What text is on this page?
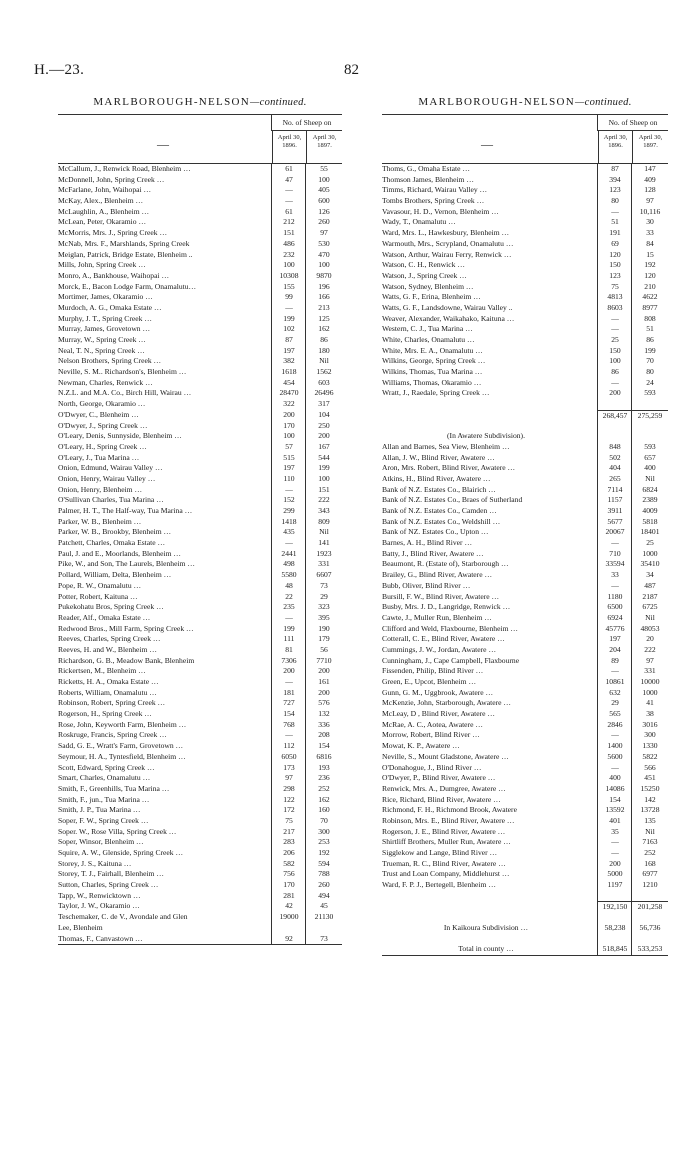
H.—23.	82
MARLBOROUGH-NELSON—continued.
—
No. of Sheep on
April 30, 1896.
April 30, 1897.
McCallum, J., Renwick Road, Blenheim …	61	55
McDonnell, John, Spring Creek …	47	100
McFarlane, John, Waihopai …	—	405
McKay, Alex., Blenheim …	—	600
McLaughlin, A., Blenheim …	61	126
McLean, Peter, Okaramio …	212	260
McMorris, Mrs. J., Spring Creek …	151	97
McNab, Mrs. F., Marshlands, Spring Creek	486	530
Meiglan, Patrick, Bridge Estate, Blenheim ..	232	470
Mills, John, Spring Creek …	100	100
Monro, A., Bankhouse, Waihopai …	10308	9870
Morck, E., Bacon Lodge Farm, Onamalutu…	155	196
Mortimer, James, Okaramio …	99	166
Murdoch, A. G., Omaka Estate …	—	213
Murphy, J. T., Spring Creek …	199	125
Murray, James, Grovetown …	102	162
Murray, W., Spring Creek …	87	86
Neal, T. N., Spring Creek …	197	180
Nelson Brothers, Spring Creek …	382	Nil
Neville, S. M.. Richardson's, Blenheim …	1618	1562
Newman, Charles, Renwick …	454	603
N.Z.L. and M.A. Co., Birch Hill, Wairau …	28470	26496
North, George, Okaramio …	322	317
O'Dwyer, C., Blenheim …	200	104
O'Dwyer, J., Spring Creek …	170	250
O'Leary, Denis, Sunnyside, Blenheim …	100	200
O'Leary, H., Spring Creek …	57	167
O'Leary, J., Tua Marina …	515	544
Onion, Edmund, Wairau Valley …	197	199
Onion, Henry, Wairau Valley …	110	100
Onion, Henry, Blenheim …	—	151
O'Sullivan Charles, Tua Marina …	152	222
Palmer, H. T., The Half-way, Tua Marina …	299	343
Parker, W. B., Blenheim …	1418	809
Parker, W. B., Brookby, Blenheim …	435	Nil
Patchett, Charles, Omaka Estate …	—	141
Paul, J. and E., Moorlands, Blenheim …	2441	1923
Pike, W., and Son, The Laurels, Blenheim …	498	331
Pollard, William, Delta, Blenheim …	5580	6607
Pope, R. W., Onamalutu …	48	73
Potter, Robert, Kaituna …	22	29
Pukekohatu Bros, Spring Creek …	235	323
Reader, Alf., Omaka Estate …	—	395
Redwood Bros., Mill Farm, Spring Creek …	199	190
Reeves, Charles, Spring Creek …	111	179
Reeves, H. and W., Blenheim …	81	56
Richardson, G. B., Meadow Bank, Blenheim	7306	7710
Rickertsen, M., Blenheim …	200	200
Ricketts, H. A., Omaka Estate …	—	161
Roberts, William, Onamalutu …	181	200
Robinson, Robert, Spring Creek …	727	576
Rogerson, H., Spring Creek …	154	132
Rose, John, Keyworth Farm, Blenheim …	768	336
Roskruge, Francis, Spring Creek …	—	208
Sadd, G. E., Wratt's Farm, Grovetown …	112	154
Seymour, H. A., Tyntesfield, Blenheim …	6050	6816
Scott, Edward, Spring Creek …	173	193
Smart, Charles, Onamalutu …	97	236
Smith, F., Greenhills, Tua Marina …	298	252
Smith, F., jun., Tua Marina …	122	162
Smith, J. P., Tua Marina …	172	160
Soper, F. W., Spring Creek …	75	70
Soper. W., Rose Villa, Spring Creek …	217	300
Soper, Winsor, Blenheim …	283	253
Squire, A. W., Glenside, Spring Creek …	206	192
Storey, J. S., Kaituna …	582	594
Storey, T. J., Fairhall, Blenheim …	756	788
Sutton, Charles, Spring Creek …	170	260
Tapp, W., Renwicktown …	281	494
Taylor, J. W., Okaramio …	42	45
Teschemaker, C. de V., Avondale and Glen	19000	21130
Lee, Blenheim
Thomas, F., Canvastown …	92	73
MARLBOROUGH-NELSON—continued.
—
No. of Sheep on
April 30, 1896.
April 30, 1897.
Thoms, G., Omaha Estate …	87	147
Thomson James, Blenheim …	394	409
Timms, Richard, Wairau Valley …	123	128
Tombs Brothers, Spring Creek …	80	97
Vavasour, H. D., Vernon, Blenheim …	—	10,116
Wady, T., Onamalutu …	51	30
Ward, Mrs. L., Hawkesbury, Blenheim …	191	33
Warmouth, Mrs., Scrypland, Onamalutu …	69	84
Watson, Arthur, Wairau Ferry, Renwick …	120	15
Watson, C. H., Renwick …	150	192
Watson, J., Spring Creek …	123	120
Watson, Sydney, Blenheim …	75	210
Watts, G. F., Erina, Blenheim …	4813	4622
Watts, G. F., Landsdowne, Wairau Valley ..	8603	8977
Weaver, Alexander, Waikahako, Kaituna …	—	808
Western, C. J., Tua Marina …	—	51
White, Charles, Onamalutu …	25	86
White, Mrs. E. A., Onamalutu …	150	199
Wilkins, George, Spring Creek …	100	70
Wilkins, Thomas, Tua Marina …	86	80
Williams, Thomas, Okaramio …	—	24
Wratt, J., Raedale, Spring Creek …	200	593
268,457	275,259
(In Awatere Subdivision).
Allan and Barnes, Sea View, Blenheim …	848	593
Allan, J. W., Blind River, Awatere …	502	657
Aron, Mrs. Robert, Blind River, Awatere …	404	400
Atkins, H., Blind River, Awatere …	265	Nil
Bank of N.Z. Estates Co., Blairich …	7114	6824
Bank of N.Z. Estates Co., Braes of Sutherland	1157	2389
Bank of N.Z. Estates Co., Camden …	3911	4009
Bank of N.Z. Estates Co., Weldshill …	5677	5818
Bank of NZ. Estates Co., Upton …	20067	18401
Barnes, A. H., Blind River …	—	25
Batty, J., Blind River, Awatere …	710	1000
Beaumont, R. (Estate of), Starborough …	33594	35410
Brailey, G., Blind River, Awatere …	33	34
Bubb, Oliver, Blind River …	—	487
Bursill, F. W., Blind River, Awatere …	1180	2187
Busby, Mrs. J. D., Langridge, Renwick …	6500	6725
Cawte, J., Muller Run, Blenheim …	6924	Nil
Clifford and Weld, Flaxbourne, Blenheim …	45776	48053
Cotterall, C. E., Blind River, Awatere …	197	20
Cummings, J. W., Jordan, Awatere …	204	222
Cunningham, J., Cape Campbell, Flaxbourne	89	97
Fissenden, Philip, Blind River …	—	331
Green, E., Upcot, Blenheim …	10861	10000
Gunn, G. M., Uggbrook, Awatere …	632	1000
McKenzie, John, Starborough, Awatere …	29	41
McLeay, D , Blind River, Awatere …	565	38
McRae, A. C., Aotea, Awatere …	2846	3016
Morrow, Robert, Blind River …	—	300
Mowat, K. P., Awatere …	1400	1330
Neville, S., Mount Gladstone, Awatere …	5600	5822
O'Donahogue, J., Blind River …	—	566
O'Dwyer, P., Blind River, Awatere …	400	451
Renwick, Mrs. A., Dumgree, Awatere …	14086	15250
Rice, Richard, Blind River, Awatere …	154	142
Richmond, F. H., Richmond Brook, Awatere	13592	13728
Robinson, Mrs. E., Blind River, Awatere …	401	135
Rogerson, J. E., Blind River, Awatere …	35	Nil
Shirtliff Brothers, Muller Run, Awatere …	—	7163
Sigglekow and Lange, Blind River …	—	252
Trueman, R. C., Blind River, Awatere …	200	168
Trust and Loan Company, Middlehurst …	5000	6977
Ward, F. P. J., Bertegell, Blenheim …	1197	1210
192,150	201,258
In Kaikoura Subdivision …	58,238	56,736
Total in county …	518,845	533,253
